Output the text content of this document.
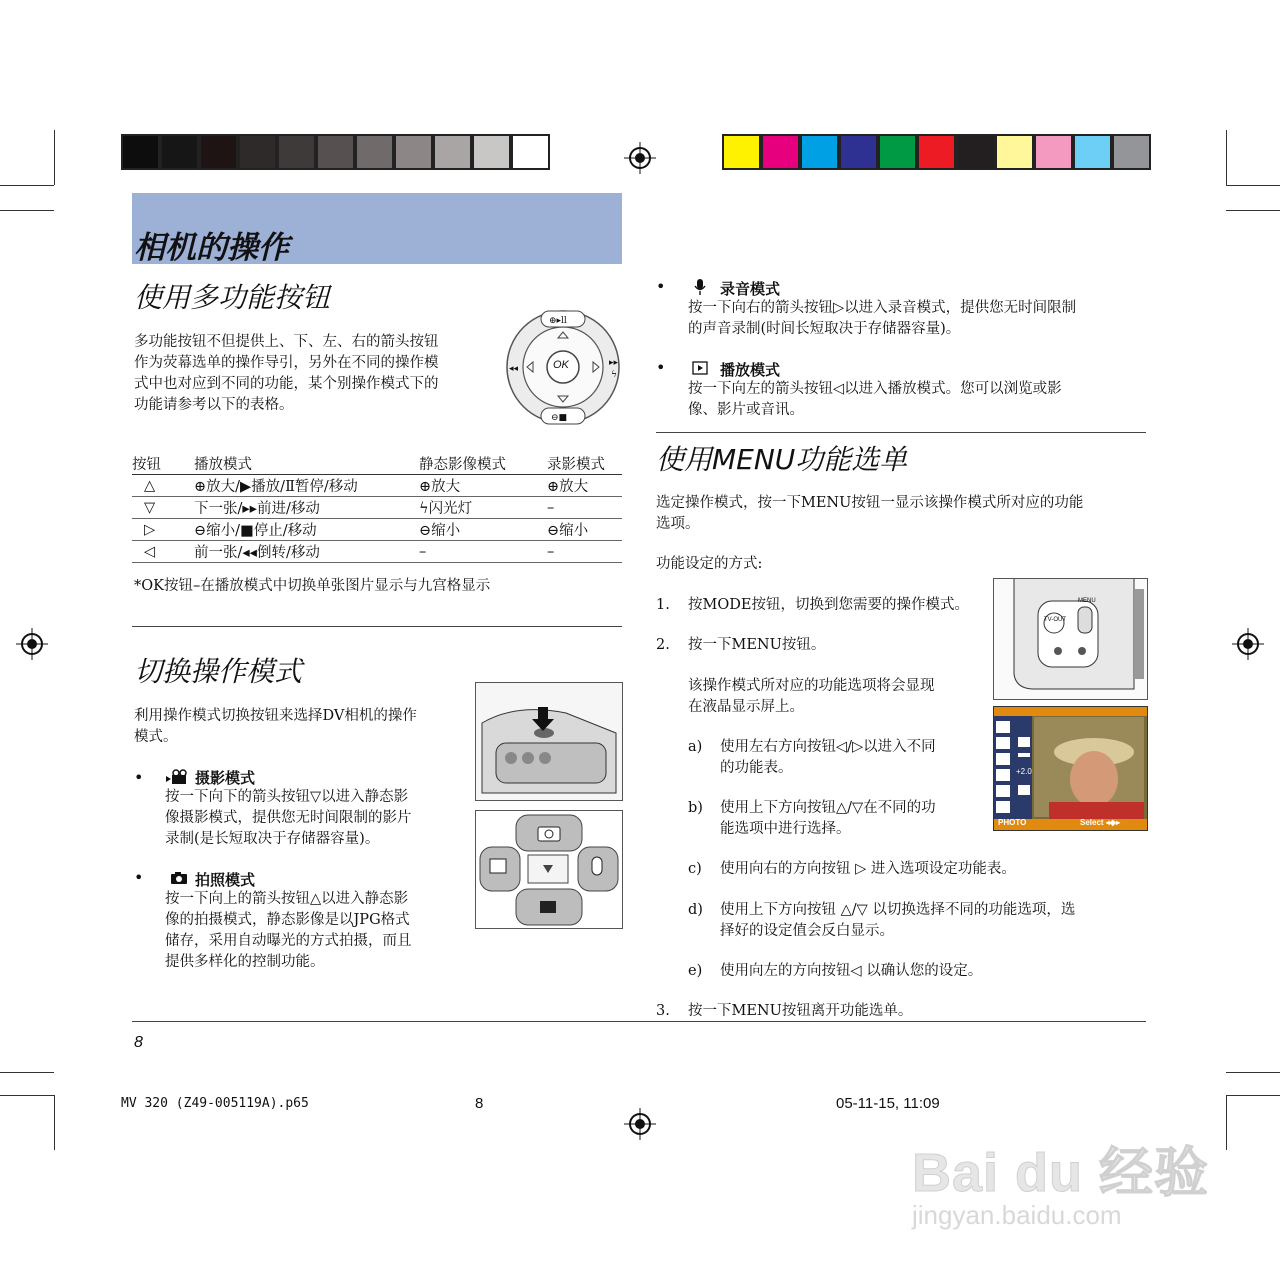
相机的操作
使用多功能按钮
多功能按钮不但提供上、下、左、右的箭头按钮
作为荧幕选单的操作导引，另外在不同的操作模
式中也对应到不同的功能，某个别操作模式下的
功能请参考以下的表格。
◂◂
▸▸
ϟ
⊕▸ll
⊖■
OK
按钮	播放模式	静态影像模式	录影模式
△	⊕放大/▶播放/Ⅱ暂停/移动	⊕放大	⊕放大
▽	下一张/▸▸前进/移动	ϟ闪光灯	–
▷	⊖缩小/■停止/移动	⊖缩小	⊖缩小
◁	前一张/◂◂倒转/移动	–	–
*OK按钮–在播放模式中切换单张图片显示与九宫格显示
切换操作模式
利用操作模式切换按钮来选择DV相机的操作
模式。
•	摄影模式
按一下向下的箭头按钮▽以进入静态影
像摄影模式，提供您无时间限制的影片
录制(是长短取决于存储器容量)。
•	拍照模式
按一下向上的箭头按钮△以进入静态影
像的拍摄模式，静态影像是以JPG格式
储存，采用自动曝光的方式拍摄，而且
提供多样化的控制功能。
•	录音模式
按一下向右的箭头按钮▷以进入录音模式，提供您无时间限制
的声音录制(时间长短取决于存储器容量)。
•	播放模式
按一下向左的箭头按钮◁以进入播放模式。您可以浏览或影
像、影片或音讯。
使用MENU功能选单
选定操作模式，按一下MENU按钮一显示该操作模式所对应的功能
选项。
功能设定的方式:
1. 按MODE按钮，切换到您需要的操作模式。
2. 按一下MENU按钮。
该操作模式所对应的功能选项将会显现
在液晶显示屏上。
MENU
TV-OUT
+2.0
PHOTO	Select ◂◆▸
a) 使用左右方向按钮◁/▷以进入不同
的功能表。
b) 使用上下方向按钮△/▽在不同的功
能选项中进行选择。
c) 使用向右的方向按钮 ▷ 进入选项设定功能表。
d) 使用上下方向按钮 △/▽ 以切换选择不同的功能选项，选
择好的设定值会反白显示。
e) 使用向左的方向按钮◁ 以确认您的设定。
3. 按一下MENU按钮离开功能选单。
8
MV 320 (Z49-005119A).p65	8	05-11-15, 11:09
Bai du 经验
jingyan.baidu.com
